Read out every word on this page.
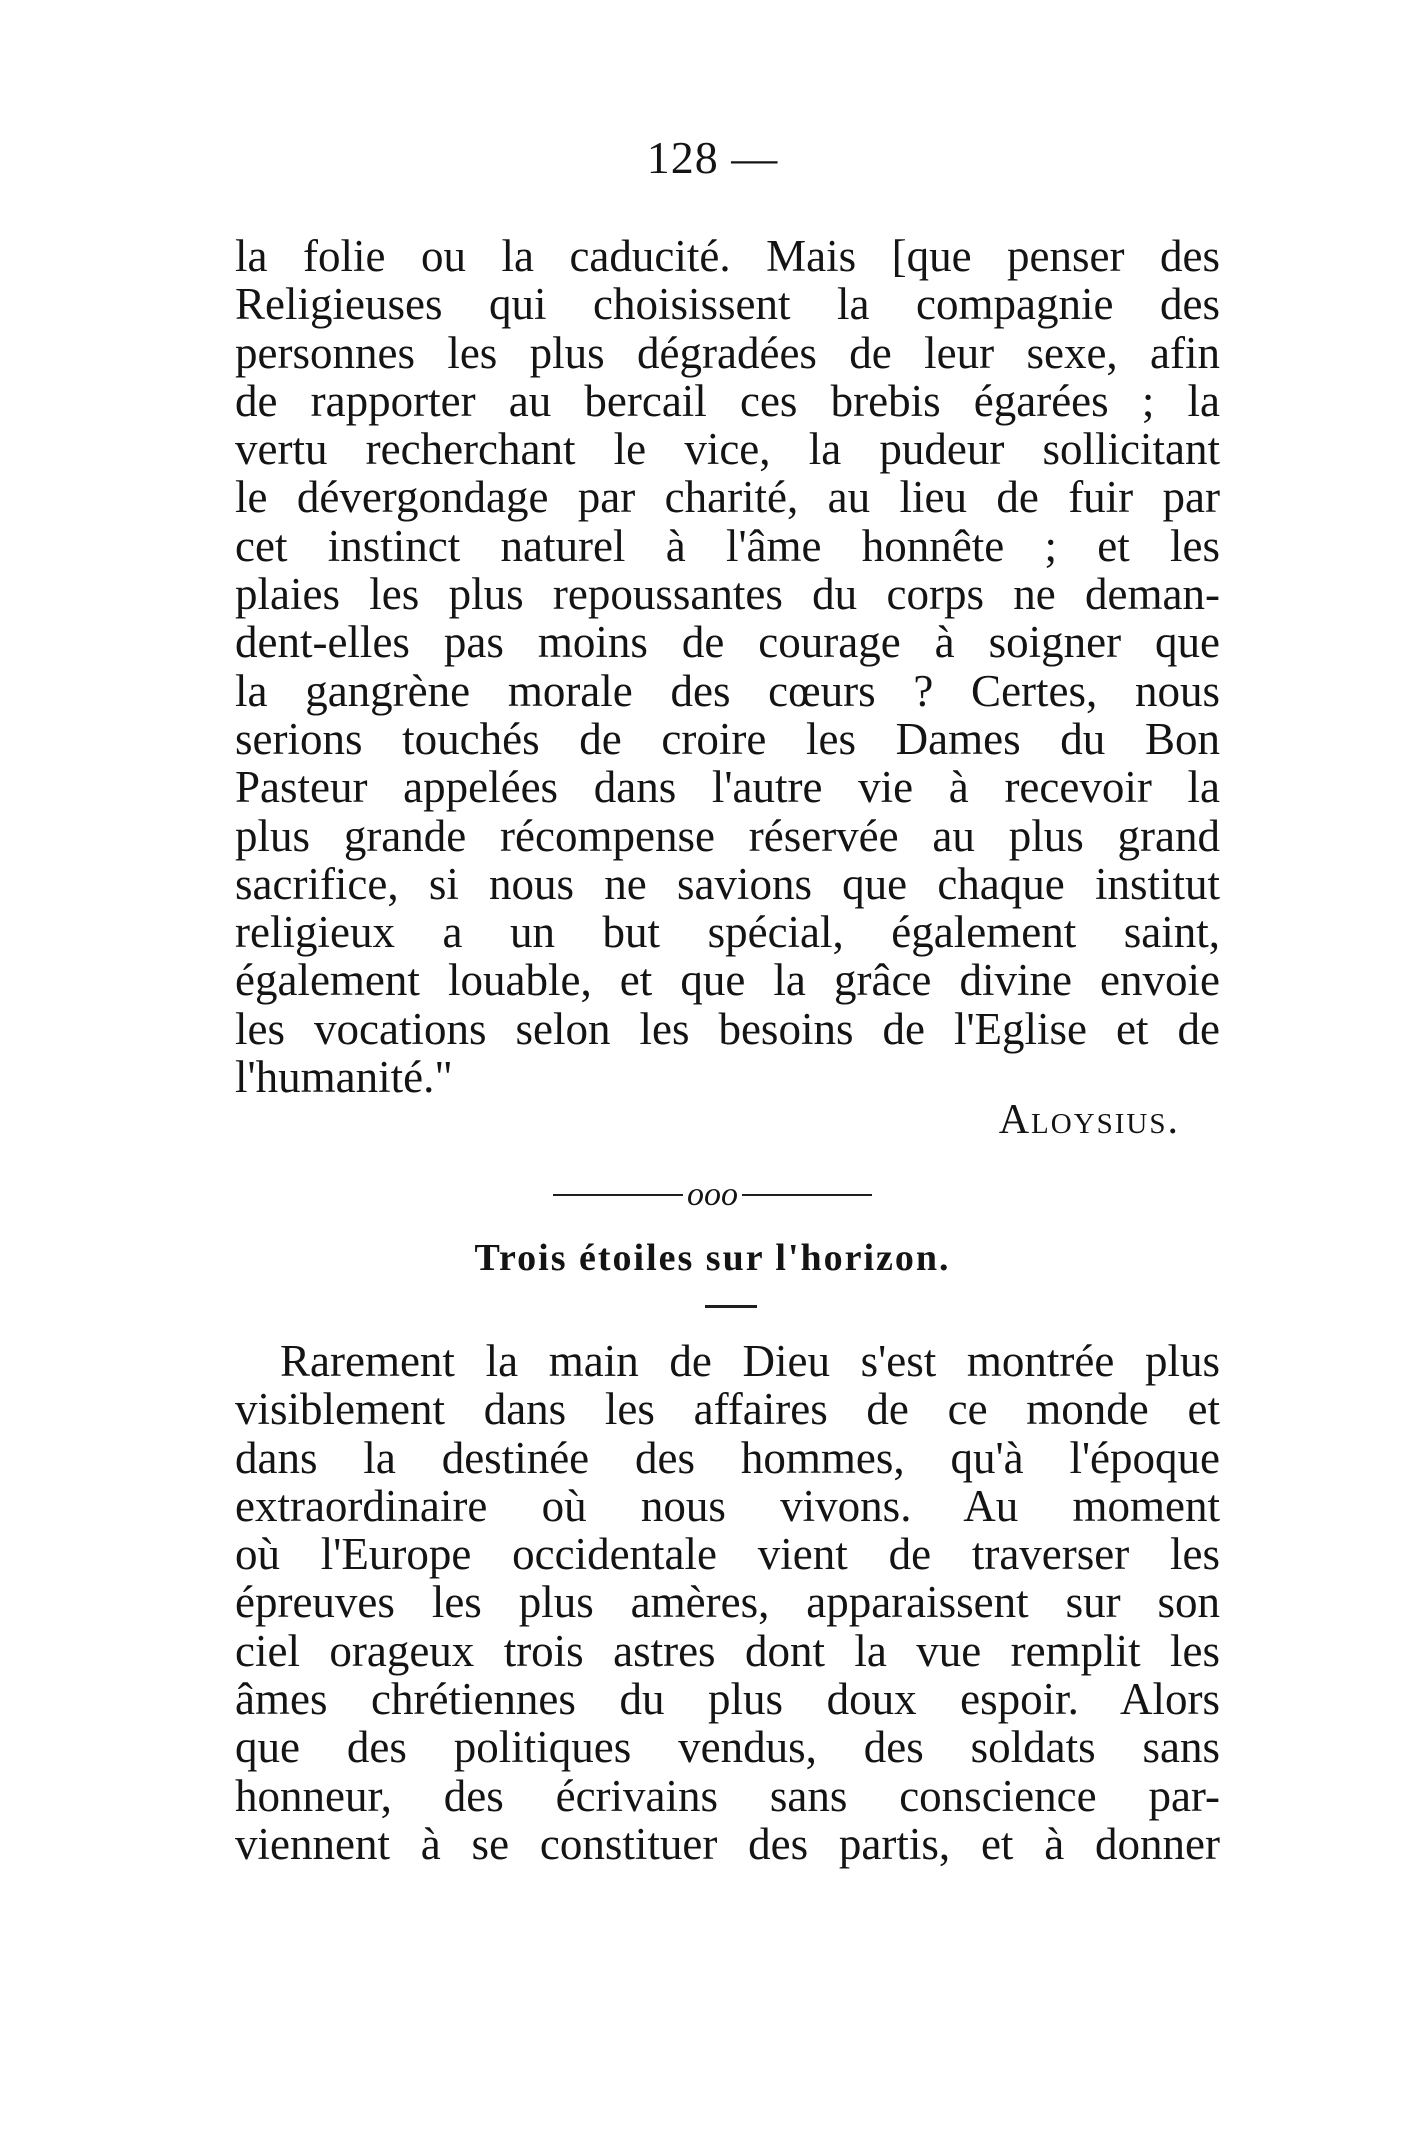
128 —
la folie ou la caducité. Mais [que penser des
Religieuses qui choisissent la compagnie des
personnes les plus dégradées de leur sexe, afin
de rapporter au bercail ces brebis égarées ; la
vertu recherchant le vice, la pudeur sollicitant
le dévergondage par charité, au lieu de fuir par
cet instinct naturel à l'âme honnête ; et les
plaies les plus repoussantes du corps ne deman-
dent-elles pas moins de courage à soigner que
la gangrène morale des cœurs ? Certes, nous
serions touchés de croire les Dames du Bon
Pasteur appelées dans l'autre vie à recevoir la
plus grande récompense réservée au plus grand
sacrifice, si nous ne savions que chaque institut
religieux a un but spécial, également saint,
également louable, et que la grâce divine envoie
les vocations selon les besoins de l'Eglise et de
l'humanité."
Aloysius.
ooo
Trois étoiles sur l'horizon.
Rarement la main de Dieu s'est montrée plus
visiblement dans les affaires de ce monde et
dans la destinée des hommes, qu'à l'époque
extraordinaire où nous vivons. Au moment
où l'Europe occidentale vient de traverser les
épreuves les plus amères, apparaissent sur son
ciel orageux trois astres dont la vue remplit les
âmes chrétiennes du plus doux espoir. Alors
que des politiques vendus, des soldats sans
honneur, des écrivains sans conscience par-
viennent à se constituer des partis, et à donner
